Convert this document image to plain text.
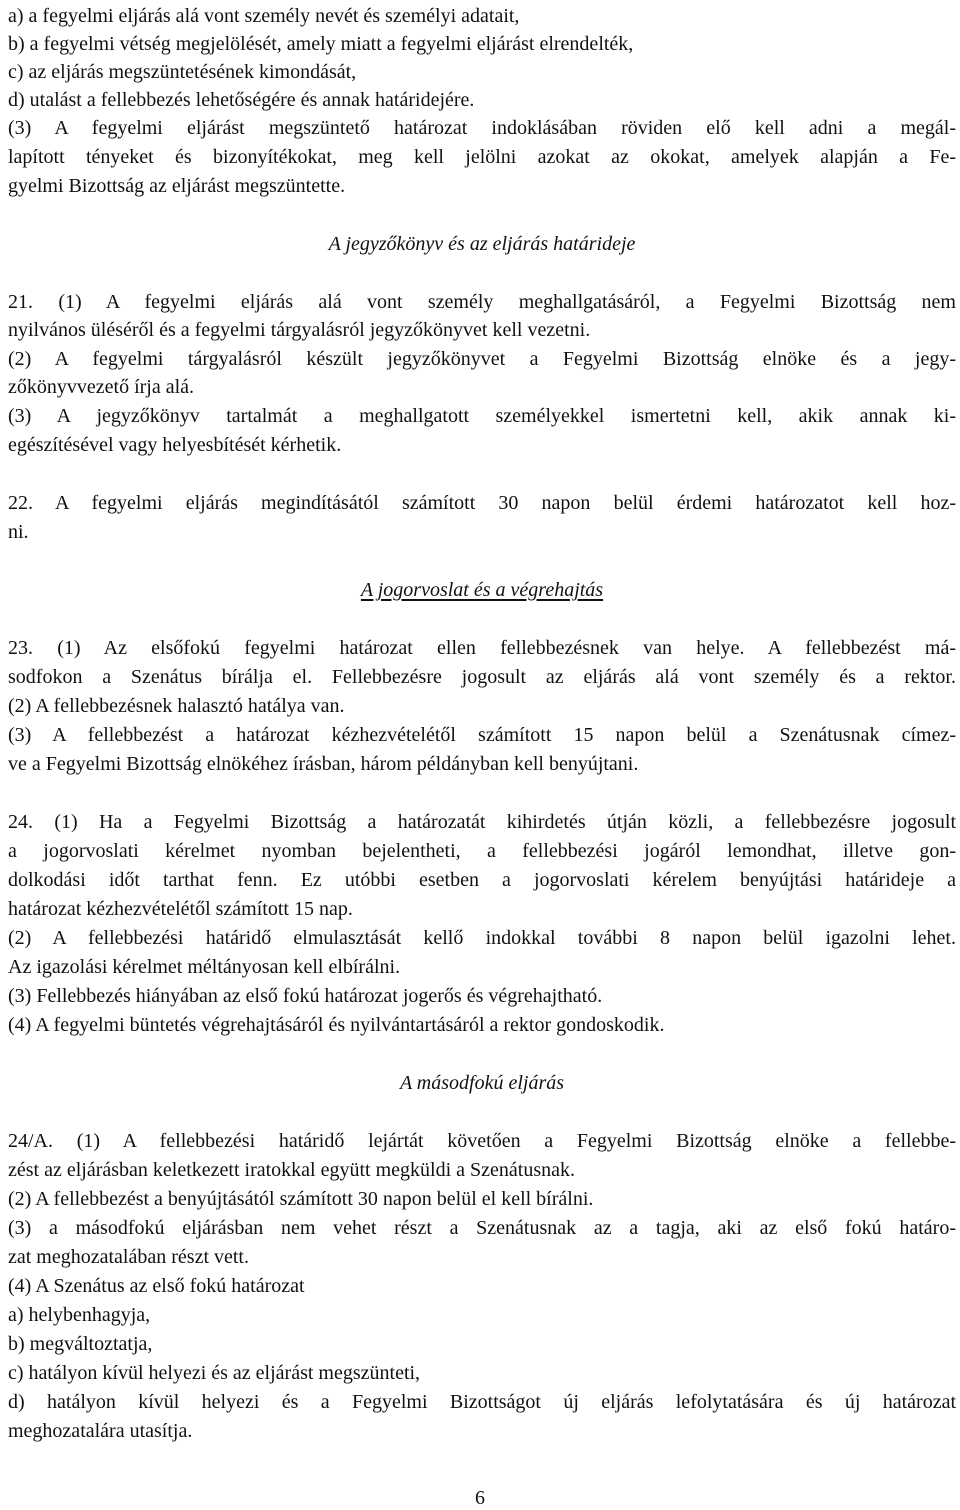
a) a fegyelmi eljárás alá vont személy nevét és személyi adatait,
b) a fegyelmi vétség megjelölését, amely miatt a fegyelmi eljárást elrendelték,
c) az eljárás megszüntetésének kimondását,
d) utalást a fellebbezés lehetőségére és annak határidejére.
(3) A fegyelmi eljárást megszüntető határozat indoklásában röviden elő kell adni a megál-
lapított tényeket és bizonyítékokat, meg kell jelölni azokat az okokat, amelyek alapján a Fe-
gyelmi Bizottság az eljárást megszüntette.
A jegyzőkönyv és az eljárás határideje
21. (1) A fegyelmi eljárás alá vont személy meghallgatásáról, a Fegyelmi Bizottság nem
nyilvános üléséről és a fegyelmi tárgyalásról jegyzőkönyvet kell vezetni.
(2) A fegyelmi tárgyalásról készült jegyzőkönyvet a Fegyelmi Bizottság elnöke és a jegy-
zőkönyvvezető írja alá.
(3) A jegyzőkönyv tartalmát a meghallgatott személyekkel ismertetni kell, akik annak ki-
egészítésével vagy helyesbítését kérhetik.
22. A fegyelmi eljárás megindításától számított 30 napon belül érdemi határozatot kell hoz-
ni.
A jogorvoslat és a végrehajtás
23. (1) Az elsőfokú fegyelmi határozat ellen fellebbezésnek van helye. A fellebbezést má-
sodfokon a Szenátus bírálja el. Fellebbezésre jogosult az eljárás alá vont személy és a rektor.
(2) A fellebbezésnek halasztó hatálya van.
(3) A fellebbezést a határozat kézhezvételétől számított 15 napon belül a Szenátusnak címez-
ve a Fegyelmi Bizottság elnökéhez írásban, három példányban kell benyújtani.
24. (1) Ha a Fegyelmi Bizottság a határozatát kihirdetés útján közli, a fellebbezésre jogosult
a jogorvoslati kérelmet nyomban bejelentheti, a fellebbezési jogáról lemondhat, illetve gon-
dolkodási időt tarthat fenn. Ez utóbbi esetben a jogorvoslati kérelem benyújtási határideje a
határozat kézhezvételétől számított 15 nap.
(2) A fellebbezési határidő elmulasztását kellő indokkal további 8 napon belül igazolni lehet.
Az igazolási kérelmet méltányosan kell elbírálni.
(3) Fellebbezés hiányában az első fokú határozat jogerős és végrehajtható.
(4) A fegyelmi büntetés végrehajtásáról és nyilvántartásáról a rektor gondoskodik.
A másodfokú eljárás
24/A. (1) A fellebbezési határidő lejártát követően a Fegyelmi Bizottság elnöke a fellebbe-
zést az eljárásban keletkezett iratokkal együtt megküldi a Szenátusnak.
(2) A fellebbezést a benyújtásától számított 30 napon belül el kell bírálni.
(3) a másodfokú eljárásban nem vehet részt a Szenátusnak az a tagja, aki az első fokú határo-
zat meghozatalában részt vett.
(4) A Szenátus az első fokú határozat
a) helybenhagyja,
b) megváltoztatja,
c) hatályon kívül helyezi és az eljárást megszünteti,
d) hatályon kívül helyezi és a Fegyelmi Bizottságot új eljárás lefolytatására és új határozat
meghozatalára utasítja.
6
